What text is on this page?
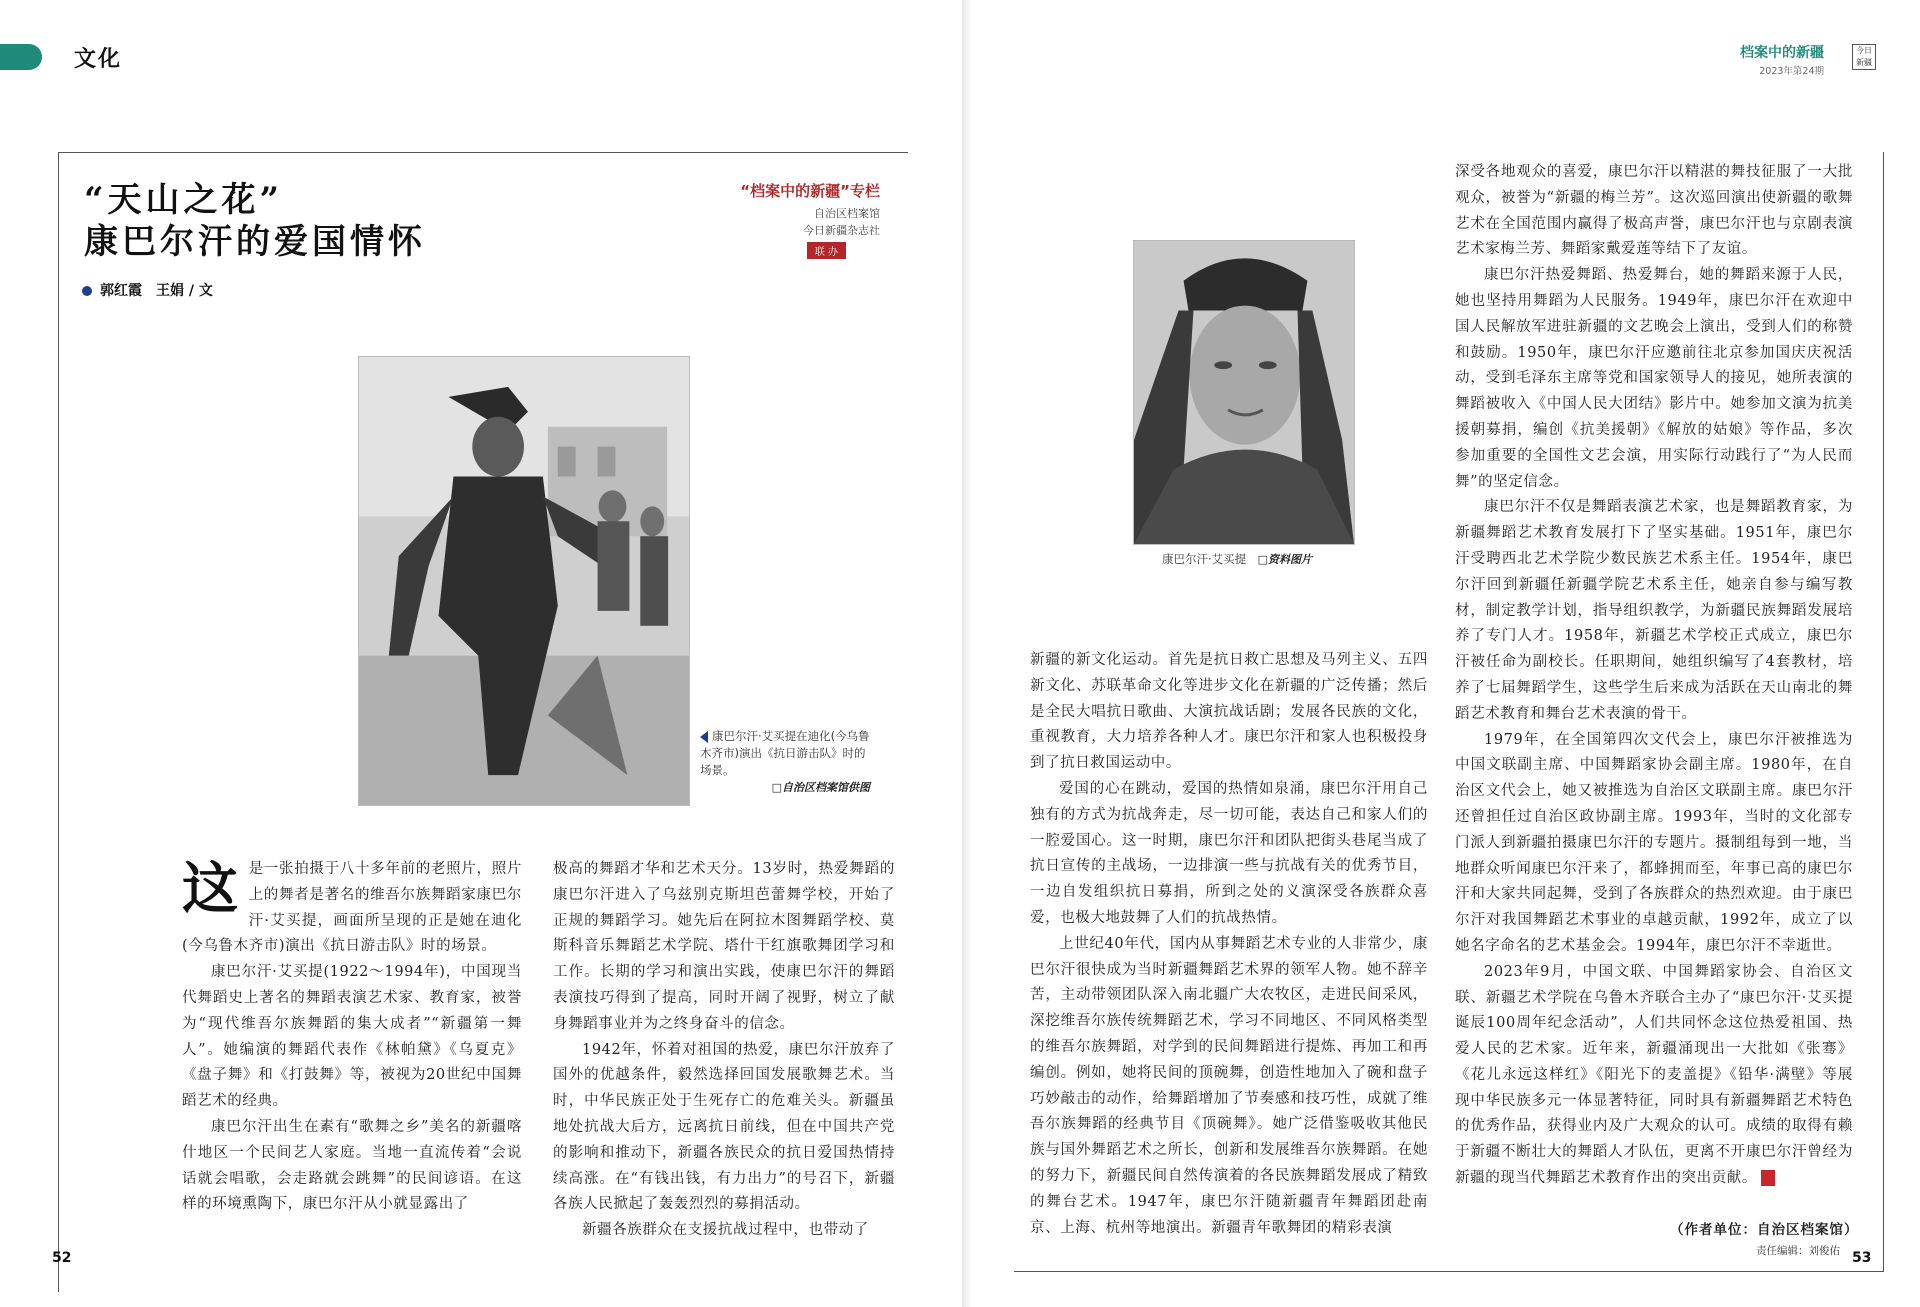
文化
“天山之花”
康巴尔汗的爱国情怀
郭红霞　王娟 / 文
“档案中的新疆”专栏
自治区档案馆
今日新疆杂志社
联 办
档案中的新疆
2023年第24期
今日新疆
康巴尔汗·艾买提在迪化(今乌鲁木齐市)演出《抗日游击队》时的场景。
□自治区档案馆供图
康巴尔汗·艾买提　 □资料图片

这是一张拍摄于八十多年前的老照片，照片上的舞者是著名的维吾尔族舞蹈家康巴尔汗·艾买提，画面所呈现的正是她在迪化(今乌鲁木齐市)演出《抗日游击队》时的场景。

康巴尔汗·艾买提(1922～1994年)，中国现当代舞蹈史上著名的舞蹈表演艺术家、教育家，被誉为“现代维吾尔族舞蹈的集大成者”“新疆第一舞人”。她编演的舞蹈代表作《林帕黛》《乌夏克》《盘子舞》和《打鼓舞》等，被视为20世纪中国舞蹈艺术的经典。

康巴尔汗出生在素有“歌舞之乡”美名的新疆喀什地区一个民间艺人家庭。当地一直流传着“会说话就会唱歌，会走路就会跳舞”的民间谚语。在这样的环境熏陶下，康巴尔汗从小就显露出了

极高的舞蹈才华和艺术天分。13岁时，热爱舞蹈的康巴尔汗进入了乌兹别克斯坦芭蕾舞学校，开始了正规的舞蹈学习。她先后在阿拉木图舞蹈学校、莫斯科音乐舞蹈艺术学院、塔什干红旗歌舞团学习和工作。长期的学习和演出实践，使康巴尔汗的舞蹈表演技巧得到了提高，同时开阔了视野，树立了献身舞蹈事业并为之终身奋斗的信念。

1942年，怀着对祖国的热爱，康巴尔汗放弃了国外的优越条件，毅然选择回国发展歌舞艺术。当时，中华民族正处于生死存亡的危难关头。新疆虽地处抗战大后方，远离抗日前线，但在中国共产党的影响和推动下，新疆各族民众的抗日爱国热情持续高涨。在“有钱出钱，有力出力”的号召下，新疆各族人民掀起了轰轰烈烈的募捐活动。

新疆各族群众在支援抗战过程中，也带动了

新疆的新文化运动。首先是抗日救亡思想及马列主义、五四新文化、苏联革命文化等进步文化在新疆的广泛传播；然后是全民大唱抗日歌曲、大演抗战话剧；发展各民族的文化，重视教育，大力培养各种人才。康巴尔汗和家人也积极投身到了抗日救国运动中。

爱国的心在跳动，爱国的热情如泉涌，康巴尔汗用自己独有的方式为抗战奔走，尽一切可能，表达自己和家人们的一腔爱国心。这一时期，康巴尔汗和团队把街头巷尾当成了抗日宣传的主战场，一边排演一些与抗战有关的优秀节目，一边自发组织抗日募捐，所到之处的义演深受各族群众喜爱，也极大地鼓舞了人们的抗战热情。

上世纪40年代，国内从事舞蹈艺术专业的人非常少，康巴尔汗很快成为当时新疆舞蹈艺术界的领军人物。她不辞辛苦，主动带领团队深入南北疆广大农牧区，走进民间采风，深挖维吾尔族传统舞蹈艺术，学习不同地区、不同风格类型的维吾尔族舞蹈，对学到的民间舞蹈进行提炼、再加工和再编创。例如，她将民间的顶碗舞，创造性地加入了碗和盘子巧妙敲击的动作，给舞蹈增加了节奏感和技巧性，成就了维吾尔族舞蹈的经典节目《顶碗舞》。她广泛借鉴吸收其他民族与国外舞蹈艺术之所长，创新和发展维吾尔族舞蹈。在她的努力下，新疆民间自然传演着的各民族舞蹈发展成了精致的舞台艺术。1947年，康巴尔汗随新疆青年舞蹈团赴南京、上海、杭州等地演出。新疆青年歌舞团的精彩表演

深受各地观众的喜爱，康巴尔汗以精湛的舞技征服了一大批观众，被誉为“新疆的梅兰芳”。这次巡回演出使新疆的歌舞艺术在全国范围内赢得了极高声誉，康巴尔汗也与京剧表演艺术家梅兰芳、舞蹈家戴爱莲等结下了友谊。

康巴尔汗热爱舞蹈、热爱舞台，她的舞蹈来源于人民，她也坚持用舞蹈为人民服务。1949年，康巴尔汗在欢迎中国人民解放军进驻新疆的文艺晚会上演出，受到人们的称赞和鼓励。1950年，康巴尔汗应邀前往北京参加国庆庆祝活动，受到毛泽东主席等党和国家领导人的接见，她所表演的舞蹈被收入《中国人民大团结》影片中。她参加文演为抗美援朝募捐，编创《抗美援朝》《解放的姑娘》等作品，多次参加重要的全国性文艺会演，用实际行动践行了“为人民而舞”的坚定信念。

康巴尔汗不仅是舞蹈表演艺术家，也是舞蹈教育家，为新疆舞蹈艺术教育发展打下了坚实基础。1951年，康巴尔汗受聘西北艺术学院少数民族艺术系主任。1954年，康巴尔汗回到新疆任新疆学院艺术系主任，她亲自参与编写教材，制定教学计划，指导组织教学，为新疆民族舞蹈发展培养了专门人才。1958年，新疆艺术学校正式成立，康巴尔汗被任命为副校长。任职期间，她组织编写了4套教材，培养了七届舞蹈学生，这些学生后来成为活跃在天山南北的舞蹈艺术教育和舞台艺术表演的骨干。

1979年，在全国第四次文代会上，康巴尔汗被推选为中国文联副主席、中国舞蹈家协会副主席。1980年，在自治区文代会上，她又被推选为自治区文联副主席。康巴尔汗还曾担任过自治区政协副主席。1993年，当时的文化部专门派人到新疆拍摄康巴尔汗的专题片。摄制组每到一地，当地群众听闻康巴尔汗来了，都蜂拥而至，年事已高的康巴尔汗和大家共同起舞，受到了各族群众的热烈欢迎。由于康巴尔汗对我国舞蹈艺术事业的卓越贡献，1992年，成立了以她名字命名的艺术基金会。1994年，康巴尔汗不幸逝世。

2023年9月，中国文联、中国舞蹈家协会、自治区文联、新疆艺术学院在乌鲁木齐联合主办了“康巴尔汗·艾买提诞辰100周年纪念活动”，人们共同怀念这位热爱祖国、热爱人民的艺术家。近年来，新疆涌现出一大批如《张骞》《花儿永远这样红》《阳光下的麦盖提》《铅华·满壁》等展现中华民族多元一体显著特征，同时具有新疆舞蹈艺术特色的优秀作品，获得业内及广大观众的认可。成绩的取得有赖于新疆不断壮大的舞蹈人才队伍，更离不开康巴尔汗曾经为新疆的现当代舞蹈艺术教育作出的突出贡献。	J

（作者单位：自治区档案馆）
责任编辑：刘俊佑
52	53
